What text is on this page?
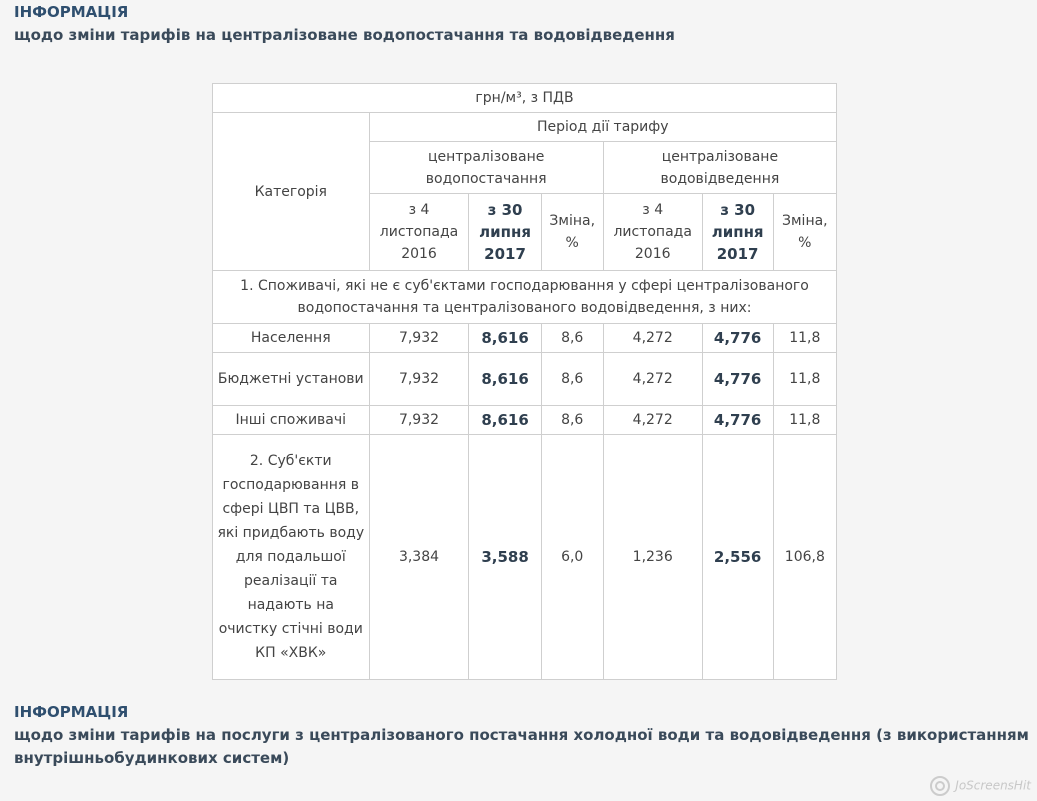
ІНФОРМАЦІЯ
щодо зміни тарифів на централізоване водопостачання та водовідведення
грн/м³, з ПДВ						
Категорія	Період дії тарифу					
	централізоване водопостачання			централізоване водовідведення		
	з 4 листопада 2016	з 30 липня 2017	Зміна, %	з 4 листопада 2016	з 30 липня 2017	Зміна, %
1. Споживачі, які не є суб'єктами господарювання у сфері централізованого водопостачання та централізованого водовідведення, з них:						
Населення	7,932	8,616	8,6	4,272	4,776	11,8
Бюджетні установи	7,932	8,616	8,6	4,272	4,776	11,8
Інші споживачі	7,932	8,616	8,6	4,272	4,776	11,8
2. Суб'єкти господарювання в сфері ЦВП та ЦВВ, які придбають воду для подальшої реалізації та надають на очистку стічні води КП «ХВК»	3,384	3,588	6,0	1,236	2,556	106,8
ІНФОРМАЦІЯ
щодо зміни тарифів на послуги з централізованого постачання холодної води та водовідведення (з використанням внутрішньобудинкових систем)
JoScreensHit
